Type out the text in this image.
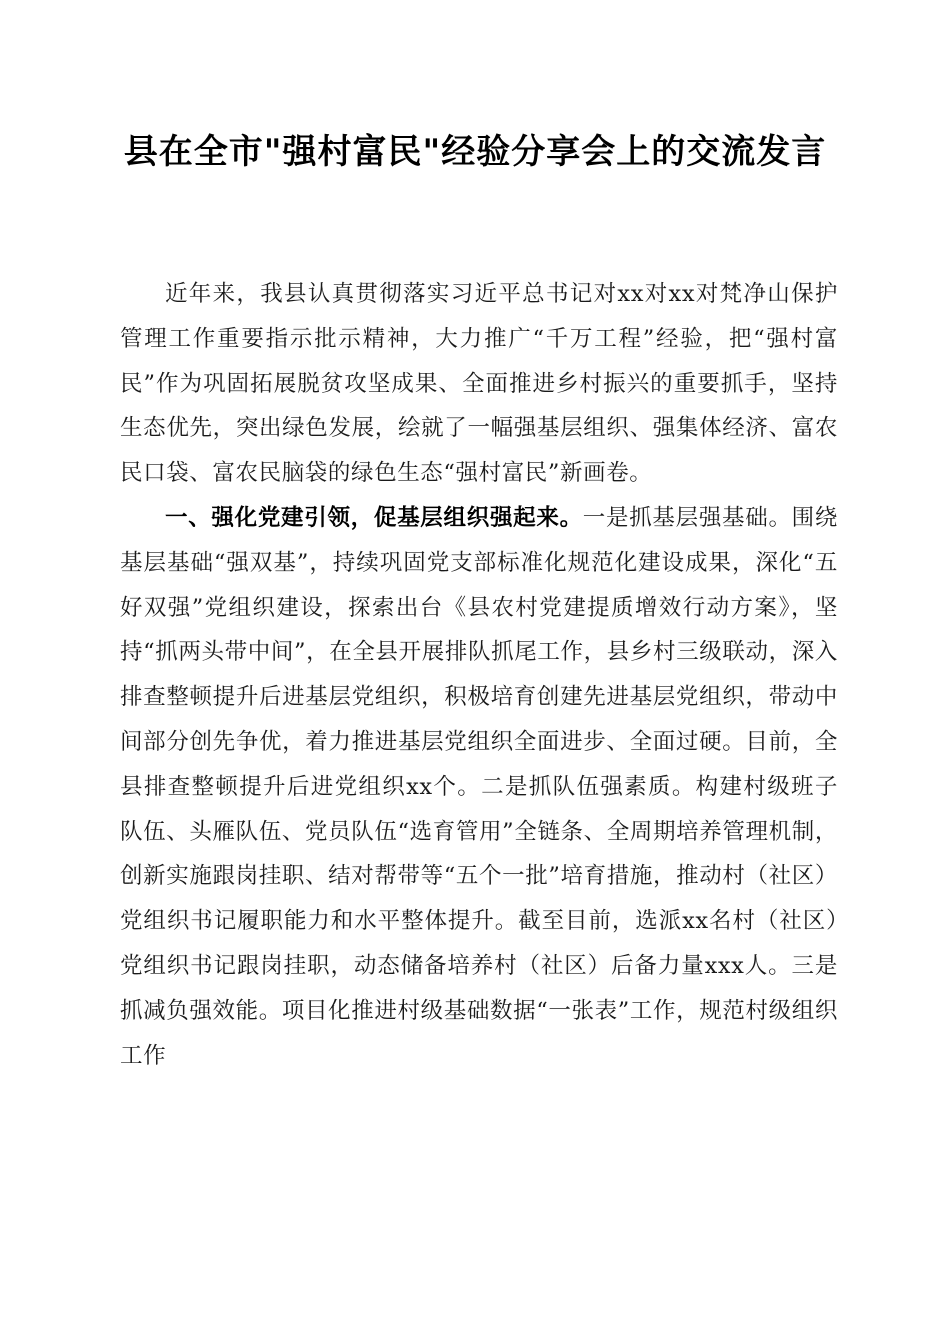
县在全市"强村富民"经验分享会上的交流发言

近年来，我县认真贯彻落实习近平总书记对xx对xx对梵净山保护管理工作重要指示批示精神，大力推广“千万工程”经验，把“强村富民”作为巩固拓展脱贫攻坚成果、全面推进乡村振兴的重要抓手，坚持生态优先，突出绿色发展，绘就了一幅强基层组织、强集体经济、富农民口袋、富农民脑袋的绿色生态“强村富民”新画卷。

一、强化党建引领，促基层组织强起来。一是抓基层强基础。围绕基层基础“强双基”，持续巩固党支部标准化规范化建设成果，深化“五好双强”党组织建设，探索出台《县农村党建提质增效行动方案》，坚持“抓两头带中间”，在全县开展排队抓尾工作，县乡村三级联动，深入排查整顿提升后进基层党组织，积极培育创建先进基层党组织，带动中间部分创先争优，着力推进基层党组织全面进步、全面过硬。目前，全县排查整顿提升后进党组织xx个。二是抓队伍强素质。构建村级班子队伍、头雁队伍、党员队伍“选育管用”全链条、全周期培养管理机制，创新实施跟岗挂职、结对帮带等“五个一批”培育措施，推动村（社区）党组织书记履职能力和水平整体提升。截至目前，选派xx名村（社区）党组织书记跟岗挂职，动态储备培养村（社区）后备力量xxx人。三是抓减负强效能。项目化推进村级基础数据“一张表”工作，规范村级组织工作
